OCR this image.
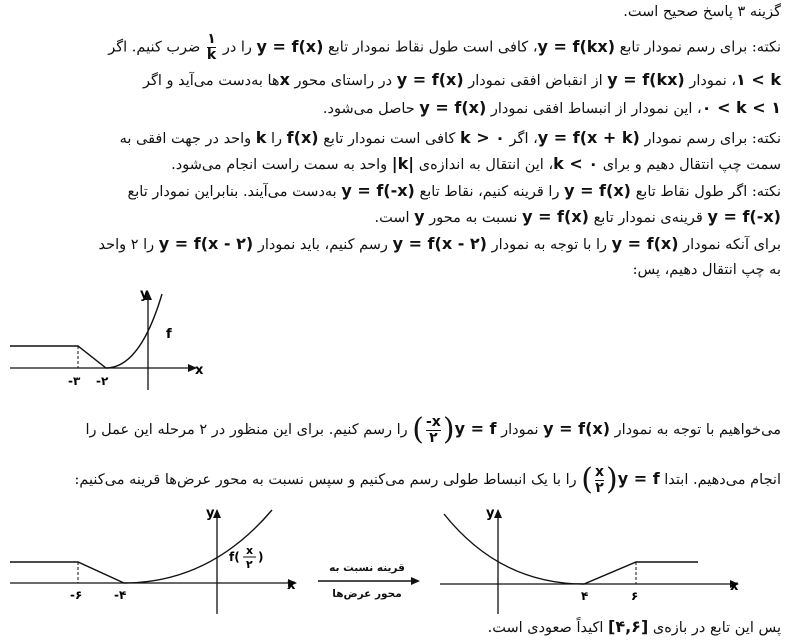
گزینه ۳ پاسخ صحیح است.
نکته: برای رسم نمودار تابع y = f(kx)، کافی است طول نقاط نمودار تابع y = f(x) را در
$\frac{۱}{k}$
ضرب کنیم. اگر
۱ < k، نمودار y = f(kx) از انقباض افقی نمودار y = f(x) در راستای محور xها به‌دست می‌آید و اگر
۰ < k < ۱، این نمودار از انبساط افقی نمودار y = f(x) حاصل می‌شود.
نکته: برای رسم نمودار y = f(x + k)، اگر k > ۰ کافی است نمودار تابع f(x) را k واحد در جهت افقی به
سمت چپ انتقال دهیم و برای k < ۰، این انتقال به اندازه‌ی |k| واحد به سمت راست انجام می‌شود.
نکته: اگر طول نقاط تابع y = f(x) را قرینه کنیم، نقاط تابع y = f(-x) به‌دست می‌آیند. بنابراین نمودار تابع
y = f(-x) قرینه‌ی نمودار تابع y = f(x) نسبت به محور y است.
برای آنکه نمودار y = f(x) را با توجه به نمودار y = f(x - ۲) رسم کنیم، باید نمودار y = f(x - ۲) را ۲ واحد
به چپ انتقال دهیم، پس:
می‌خواهیم با توجه به نمودار y = f(x) نمودار y = f(
$\frac{-x}{۲}$
) را رسم کنیم. برای این منظور در ۲ مرحله این عمل را
انجام می‌دهیم. ابتدا y = f(
$\frac{x}{۲}$
) را با یک انبساط طولی رسم می‌کنیم و سپس نسبت به محور عرض‌ها قرینه می‌کنیم:
پس این تابع در بازه‌ی [۴,۶] اکیداً صعودی است.
x
y
f
-۳ -۲
x
y
f( x
۲
)
-۶	-۴
قرینه نسبت به
محور عرض‌ها	x
y
۴	۶
